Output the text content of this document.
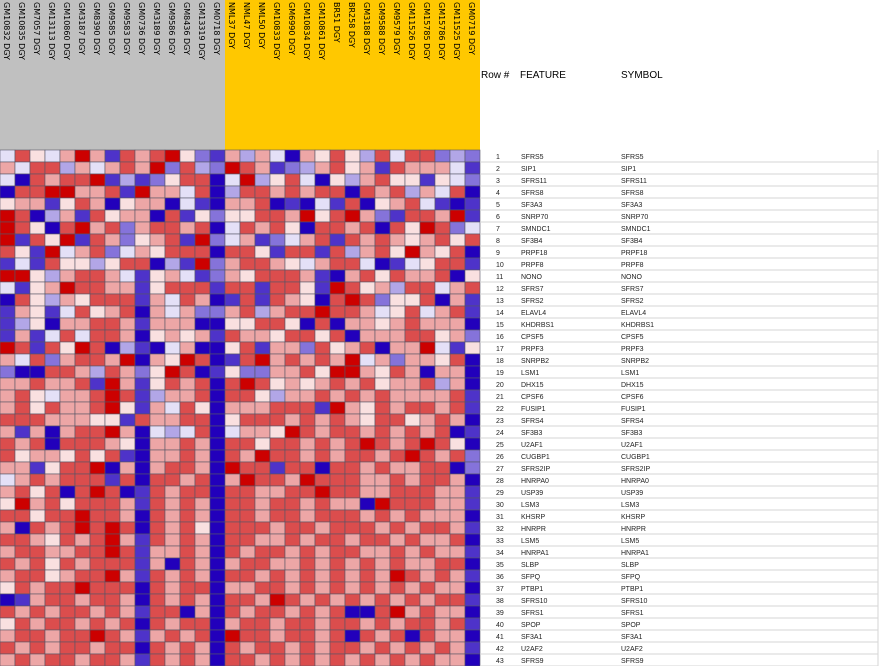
GM10832 DGY GM10835 DGY GM7057 DGY GM13113 DGY GM10860 DGY GM3187 DGY GM8390 DGY GM9585 DGY GM9583 DGY GM0736 DGY GM3189 DGY GM9586 DGY GM8436 DGY GM13319 DGY GM0718 DGY NML37 DGY NML47 DGY NML50 DGY GM10833 DGY GM6990 DGY GM10834 DGY GM10861 DGY BR51 DGY BR258 DGY GM3188 DGY GM9588 DGY GM9579 DGY GM11526 DGY GM15785 DGY GM15786 DGY GM11525 DGY GM0719 DGY
1	SFRS5	SFRS5
2	SIP1	SIP1
3	SFRS11	SFRS11
4	SFRS8	SFRS8
5	SF3A3	SF3A3
6	SNRP70	SNRP70
7	SMNDC1	SMNDC1
8	SF3B4	SF3B4
9	PRPF18	PRPF18
10 PRPF8	PRPF8
11	NONO	NONO
12 SFRS7	SFRS7
13 SFRS2	SFRS2
14 ELAVL4	ELAVL4
15 KHDRBS1	KHDRBS1
16 CPSF5	CPSF5
17 PRPF3	PRPF3
18 SNRPB2	SNRPB2
19 LSM1	LSM1
20 DHX15	DHX15
21 CPSF6	CPSF6
22 FUSIP1	FUSIP1
23 SFRS4	SFRS4
24 SF3B3	SF3B3
25 U2AF1	U2AF1
26 CUGBP1	CUGBP1
27 SFRS2IP	SFRS2IP
28 HNRPA0	HNRPA0
29 USP39	USP39
30 LSM3	LSM3
31 KHSRP	KHSRP
32 HNRPR	HNRPR
33 LSM5	LSM5
34 HNRPA1	HNRPA1
35 SLBP	SLBP
36 SFPQ	SFPQ
37 PTBP1	PTBP1
38 SFRS10	SFRS10
39 SFRS1	SFRS1
40 SPOP	SPOP
41 SF3A1	SF3A1
42 U2AF2	U2AF2
43 SFRS9	SFRS9
Row # FEATURE	SYMBOL
